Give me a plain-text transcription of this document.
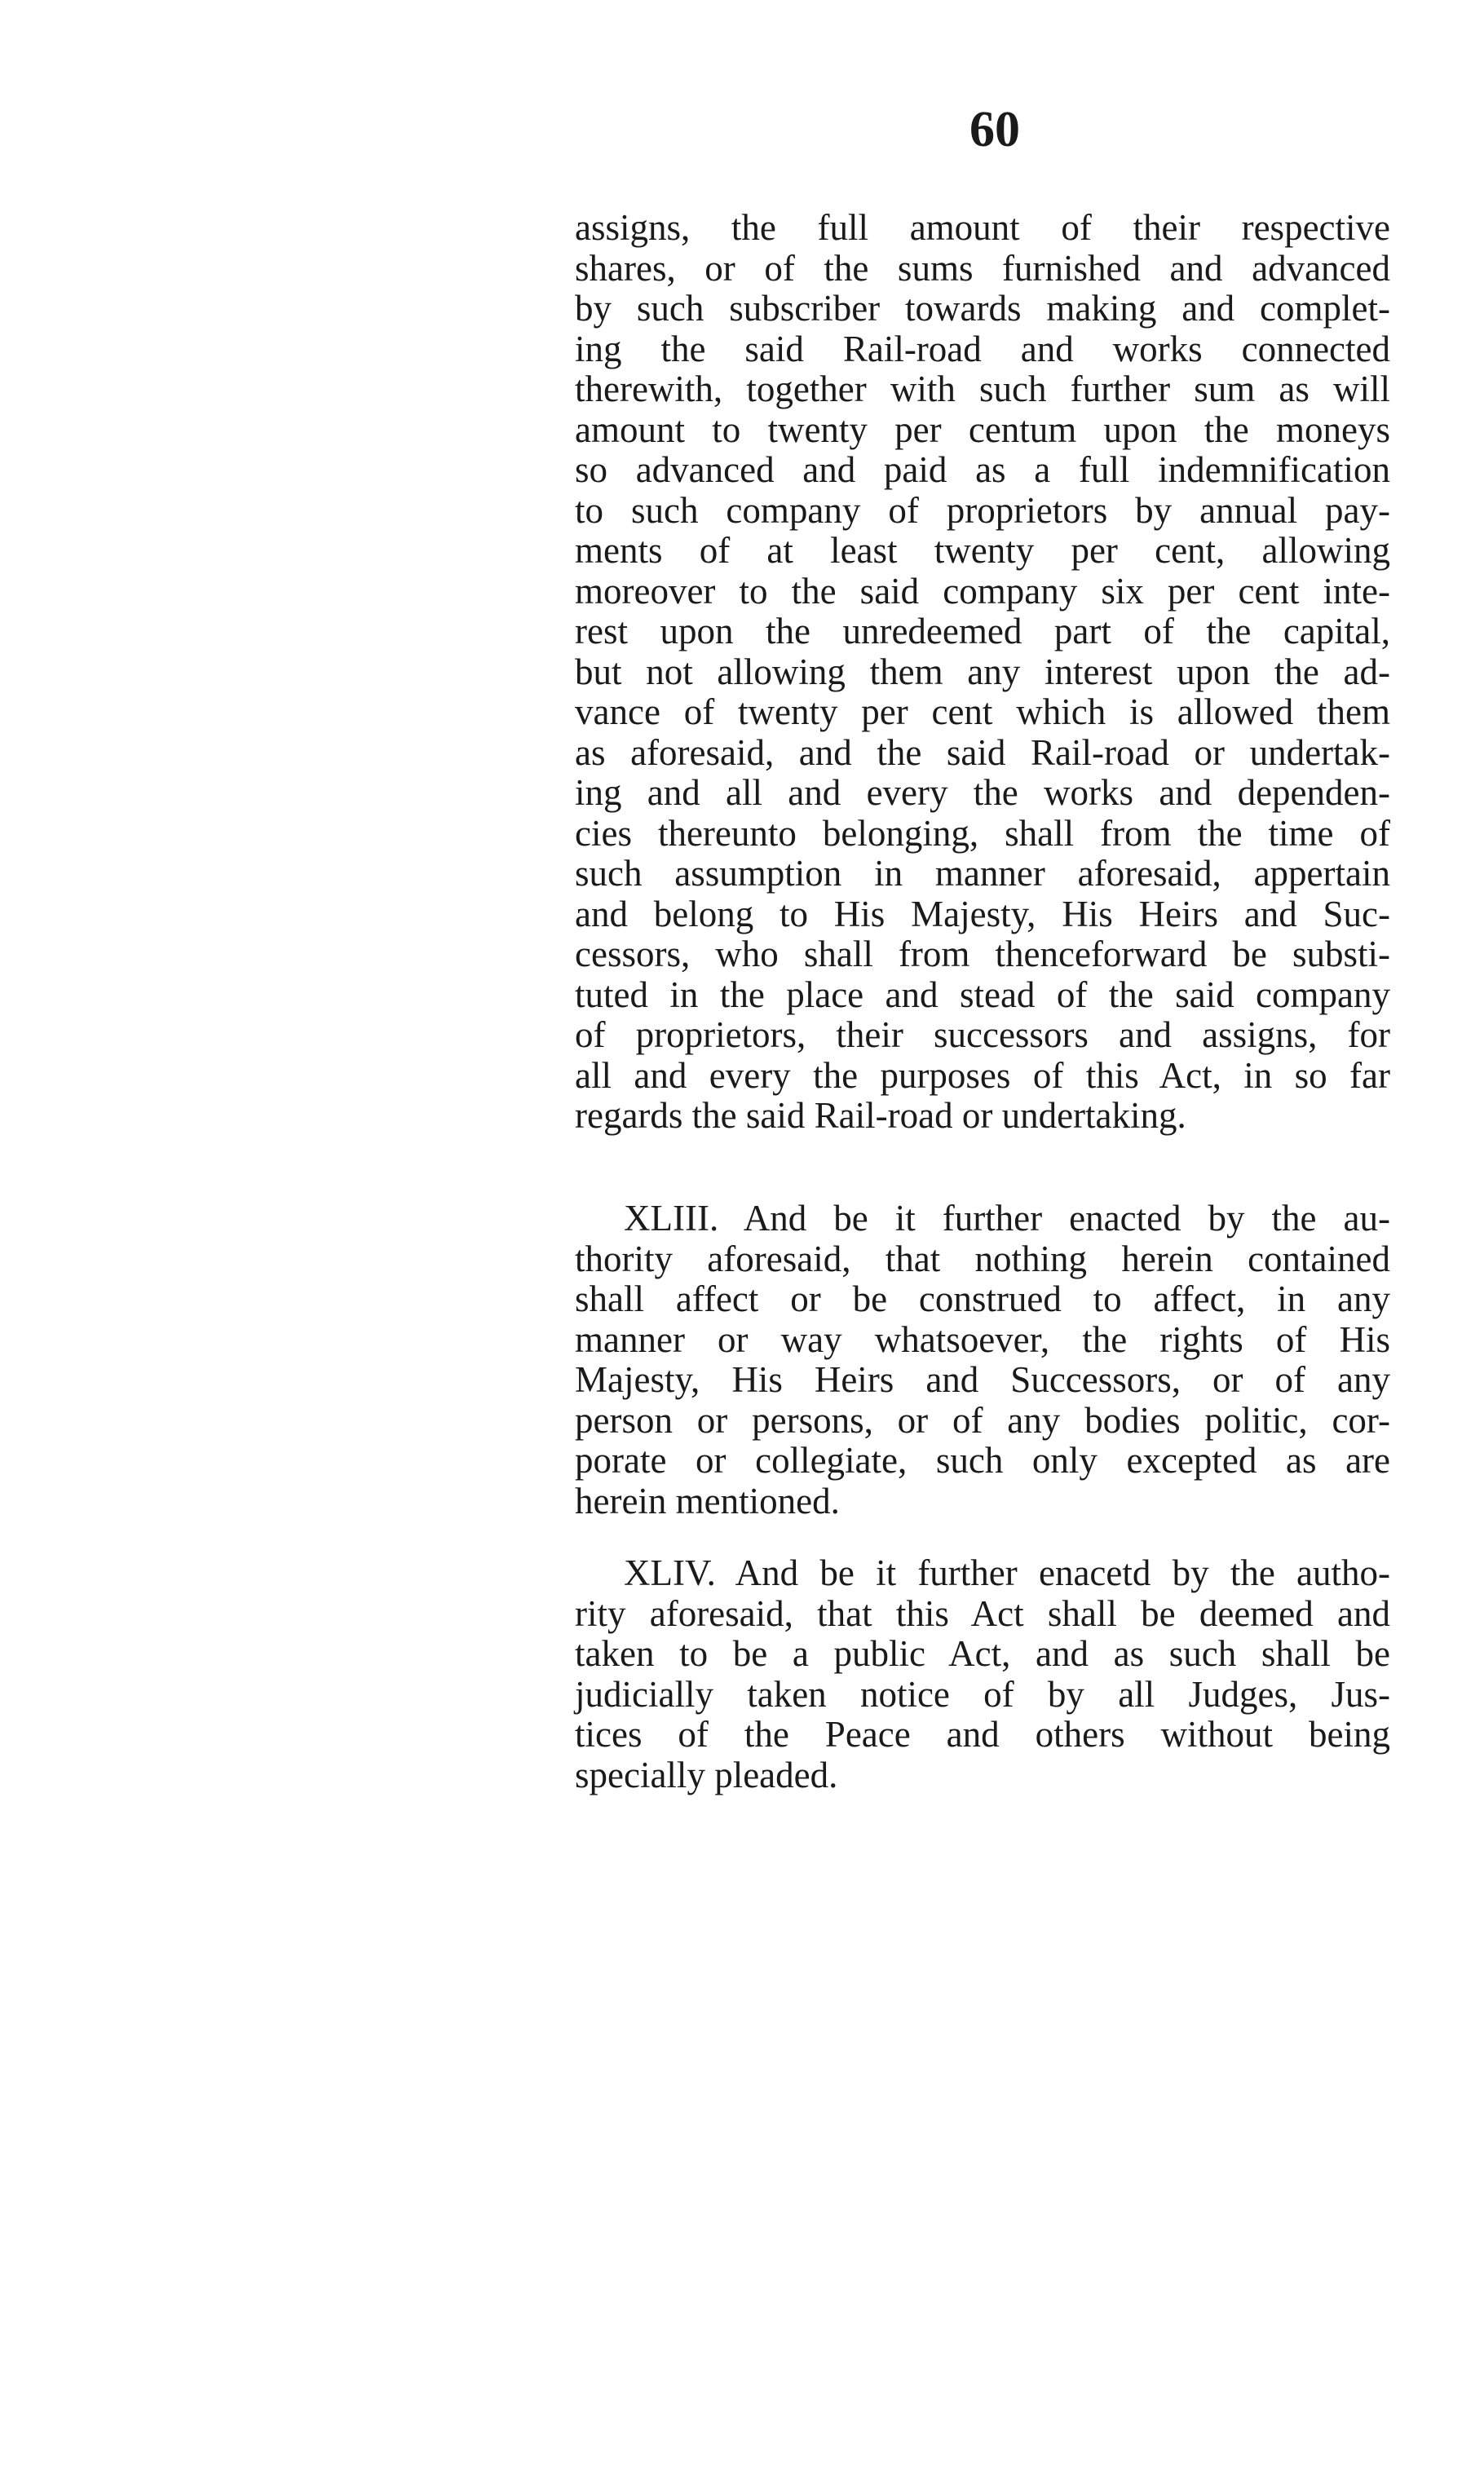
60
assigns, the full amount of their respective
shares, or of the sums furnished and advanced
by such subscriber towards making and complet-
ing the said Rail-road and works connected
therewith, together with such further sum as will
amount to twenty per centum upon the moneys
so advanced and paid as a full indemnification
to such company of proprietors by annual pay-
ments of at least twenty per cent, allowing
moreover to the said company six per cent inte-
rest upon the unredeemed part of the capital,
but not allowing them any interest upon the ad-
vance of twenty per cent which is allowed them
as aforesaid, and the said Rail-road or undertak-
ing and all and every the works and dependen-
cies thereunto belonging, shall from the time of
such assumption in manner aforesaid, appertain
and belong to His Majesty, His Heirs and Suc-
cessors, who shall from thenceforward be substi-
tuted in the place and stead of the said company
of proprietors, their successors and assigns, for
all and every the purposes of this Act, in so far
regards the said Rail-road or undertaking.
XLIII. And be it further enacted by the au-
thority aforesaid, that nothing herein contained
shall affect or be construed to affect, in any
manner or way whatsoever, the rights of His
Majesty, His Heirs and Successors, or of any
person or persons, or of any bodies politic, cor-
porate or collegiate, such only excepted as are
herein mentioned.
XLIV. And be it further enacetd by the autho-
rity aforesaid, that this Act shall be deemed and
taken to be a public Act, and as such shall be
judicially taken notice of by all Judges, Jus-
tices of the Peace and others without being
specially pleaded.
